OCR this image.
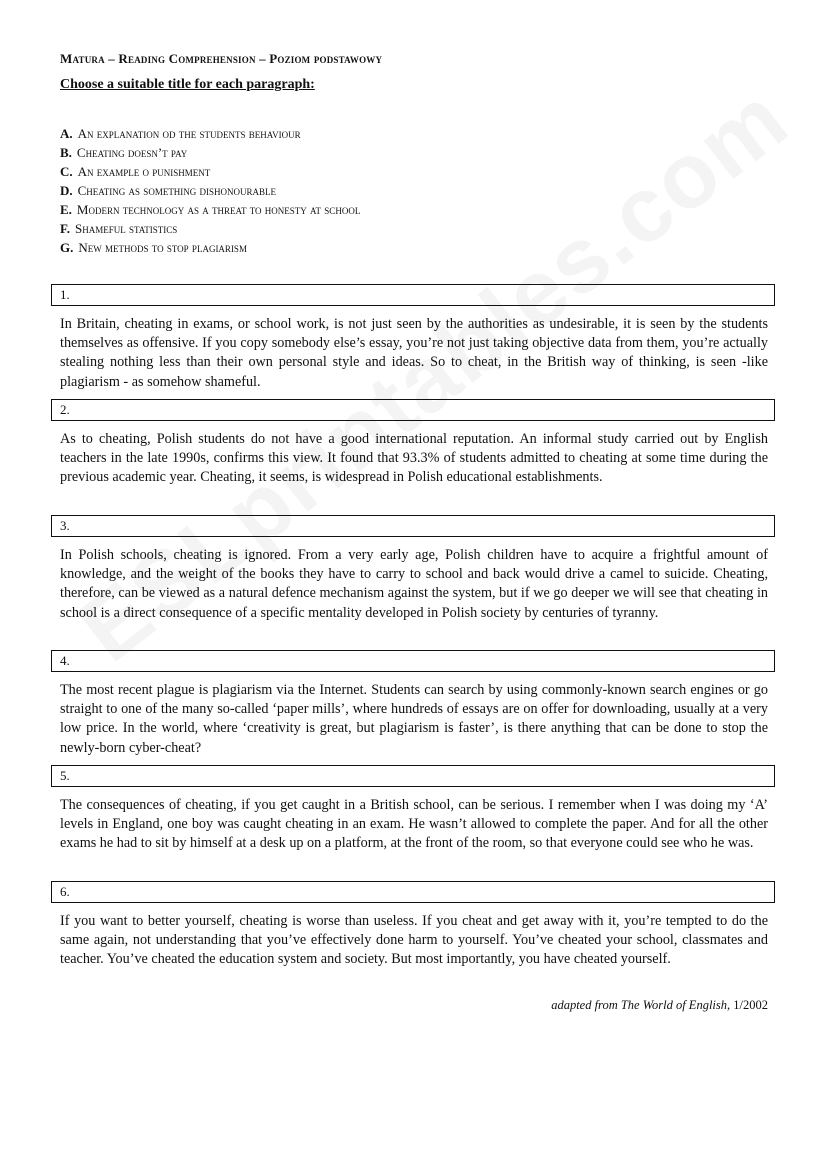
Matura – Reading Comprehension – Poziom podstawowy
Choose a suitable title for each paragraph:
A. An explanation od the students behaviour
B. Cheating doesn’t pay
C. An example o punishment
D. Cheating as something dishonourable
E. Modern technology as a threat to honesty at school
F. Shameful statistics
G. New methods to stop plagiarism
1.
In Britain, cheating in exams, or school work, is not just seen by the authorities as undesirable, it is seen by the students themselves as offensive. If you copy somebody else’s essay, you’re not just taking objective data from them, you’re actually stealing nothing less than their own personal style and ideas. So to cheat, in the British way of thinking, is seen -like plagiarism - as somehow shameful.
2.
As to cheating, Polish students do not have a good international reputation. An informal study carried out by English teachers in the late 1990s, confirms this view. It found that 93.3% of students admitted to cheating at some time during the previous academic year. Cheating, it seems, is widespread in Polish educational establishments.
3.
In Polish schools, cheating is ignored. From a very early age, Polish children have to acquire a frightful amount of knowledge, and the weight of the books they have to carry to school and back would drive a camel to suicide. Cheating, therefore, can be viewed as a natural defence mechanism against the system, but if we go deeper we will see that cheating in school is a direct consequence of a specific mentality developed in Polish society by centuries of tyranny.
4.
The most recent plague is plagiarism via the Internet. Students can search by using commonly-known search engines or go straight to one of the many so-called ‘paper mills’, where hundreds of essays are on offer for downloading, usually at a very low price. In the world, where ‘creativity is great, but plagiarism is faster’, is there anything that can be done to stop the newly-born cyber-cheat?
5.
The consequences of cheating, if you get caught in a British school, can be serious. I remember when I was doing my ‘A’ levels in England, one boy was caught cheating in an exam. He wasn’t allowed to complete the paper. And for all the other exams he had to sit by himself at a desk up on a platform, at the front of the room, so that everyone could see who he was.
6.
If you want to better yourself, cheating is worse than useless. If you cheat and get away with it, you’re tempted to do the same again, not understanding that you’ve effectively done harm to yourself. You’ve cheated your school, classmates and teacher. You’ve cheated the education system and society. But most importantly, you have cheated yourself.
adapted from The World of English, 1/2002
